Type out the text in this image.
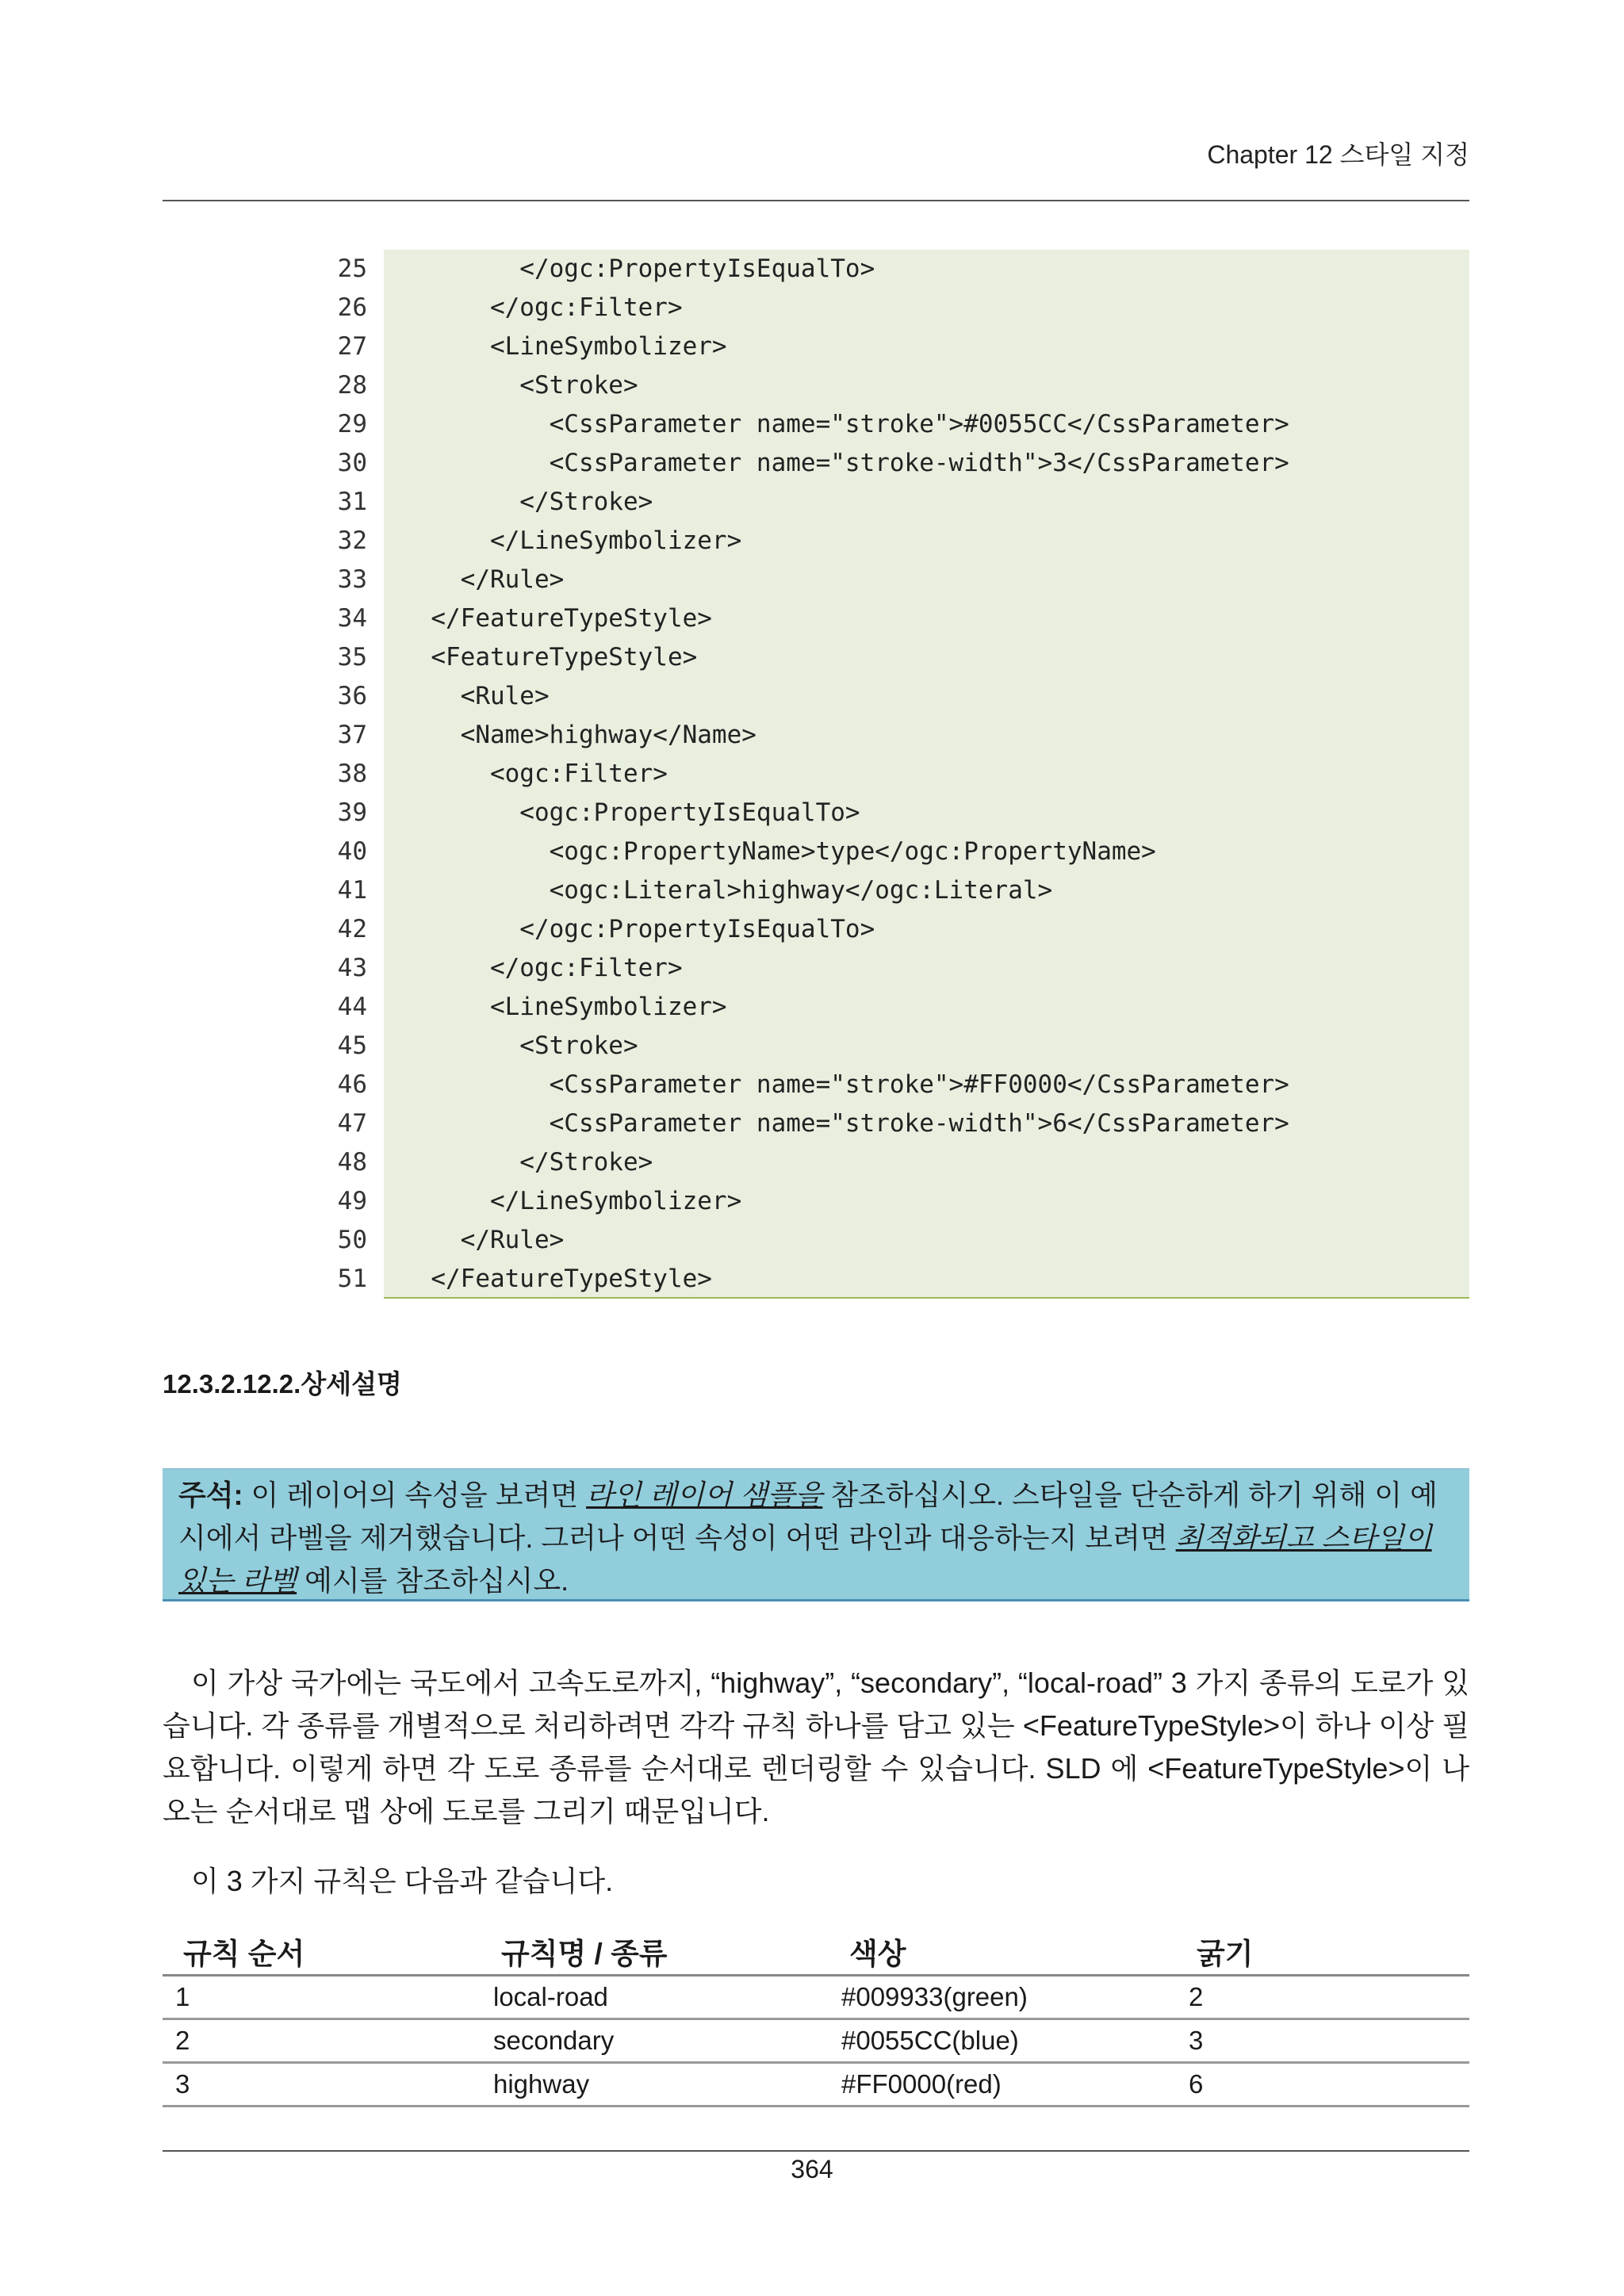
Chapter 12 스타일 지정
25	</ogc:PropertyIsEqualTo>
26	</ogc:Filter>
27	<LineSymbolizer>
28	<Stroke>
29	<CssParameter name="stroke">#0055CC</CssParameter>
30	<CssParameter name="stroke-width">3</CssParameter>
31	</Stroke>
32	</LineSymbolizer>
33	</Rule>
34	</FeatureTypeStyle>
35	<FeatureTypeStyle>
36	<Rule>
37	<Name>highway</Name>
38	<ogc:Filter>
39	<ogc:PropertyIsEqualTo>
40	<ogc:PropertyName>type</ogc:PropertyName>
41	<ogc:Literal>highway</ogc:Literal>
42	</ogc:PropertyIsEqualTo>
43	</ogc:Filter>
44	<LineSymbolizer>
45	<Stroke>
46	<CssParameter name="stroke">#FF0000</CssParameter>
47	<CssParameter name="stroke-width">6</CssParameter>
48	</Stroke>
49	</LineSymbolizer>
50	</Rule>
51	</FeatureTypeStyle>
12.3.2.12.2.상세설명
주석: 이 레이어의 속성을 보려면 라인 레이어 샘플을 참조하십시오. 스타일을 단순하게 하기 위해 이 예시에서 라벨을 제거했습니다. 그러나 어떤 속성이 어떤 라인과 대응하는지 보려면 최적화되고 스타일이 있는 라벨 예시를 참조하십시오.
이 가상 국가에는 국도에서 고속도로까지, “highway”, “secondary”, “local-road” 3 가지 종류의 도로가 있습니다. 각 종류를 개별적으로 처리하려면 각각 규칙 하나를 담고 있는 <FeatureTypeStyle>이 하나 이상 필요합니다. 이렇게 하면 각 도로 종류를 순서대로 렌더링할 수 있습니다. SLD 에 <FeatureTypeStyle>이 나오는 순서대로 맵 상에 도로를 그리기 때문입니다.
이 3 가지 규칙은 다음과 같습니다.
규칙 순서	규칙명 / 종류	색상	굵기
1	local-road	#009933(green)	2
2	secondary	#0055CC(blue)	3
3	highway	#FF0000(red)	6
364
